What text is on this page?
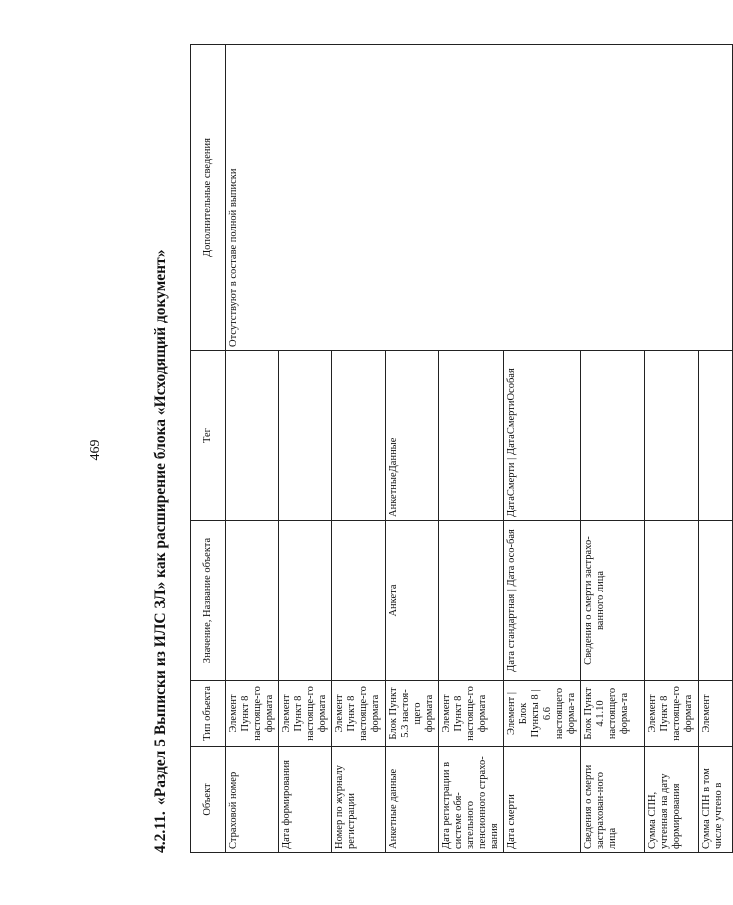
469
4.2.11.«Раздел 5 Выписки из ИЛС ЗЛ» как расширение блока «Исходящий документ»	Объект	Тип объекта	Значение, Название объекта	Тег	Дополнительные сведения
Страховой номер	Элемент Пункт 8 настояще-го формата			Отсутствуют в составе полной выписки
Дата формирования	Элемент Пункт 8 настояще-го формата			
Номер по журналу регистрации	Элемент Пункт 8 настояще-го формата			
Анкетные данные	Блок Пункт 5.3 настоя-щего формата	Анкета	АнкетныеДанные	
Дата регистрации в системе обя-зательного пенсионного страхо-вания	Элемент Пункт 8 настояще-го формата			
Дата смерти	Элемент | Блок Пункты 8 | 6.6 настоящего форма-та	Дата стандартная | Дата осо-бая	ДатаСмерти | ДатаСмертиОсобая	
Сведения о смерти застрахован-ного лица	Блок Пункт 4.1.10 настоящего форма-та	Сведения о смерти застрахо-ванного лица		
Сумма СПН, учтенная на дату формирования	Элемент Пункт 8 настояще-го формата			
Сумма СПН в том числе учтено в	Элемент			
